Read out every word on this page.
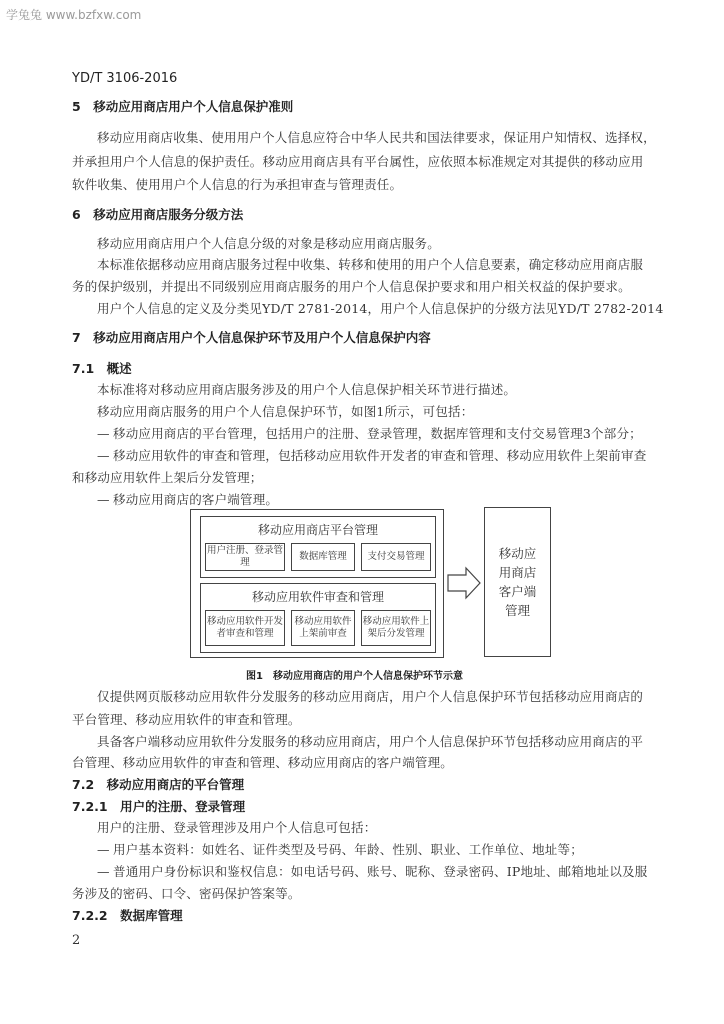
学兔兔 www.bzfxw.com
YD/T 3106-2016
5　移动应用商店用户个人信息保护准则
移动应用商店收集、使用用户个人信息应符合中华人民共和国法律要求，保证用户知情权、选择权，
并承担用户个人信息的保护责任。移动应用商店具有平台属性，应依照本标准规定对其提供的移动应用
软件收集、使用用户个人信息的行为承担审查与管理责任。
6　移动应用商店服务分级方法
移动应用商店用户个人信息分级的对象是移动应用商店服务。
本标准依据移动应用商店服务过程中收集、转移和使用的用户个人信息要素，确定移动应用商店服
务的保护级别，并提出不同级别应用商店服务的用户个人信息保护要求和用户相关权益的保护要求。
用户个人信息的定义及分类见YD/T 2781-2014，用户个人信息保护的分级方法见YD/T 2782-2014
7　移动应用商店用户个人信息保护环节及用户个人信息保护内容
7.1　概述
本标准将对移动应用商店服务涉及的用户个人信息保护相关环节进行描述。
移动应用商店服务的用户个人信息保护环节，如图1所示，可包括：
— 移动应用商店的平台管理，包括用户的注册、登录管理，数据库管理和支付交易管理3个部分；
— 移动应用软件的审查和管理，包括移动应用软件开发者的审查和管理、移动应用软件上架前审查
和移动应用软件上架后分发管理；
— 移动应用商店的客户端管理。
移动应用商店平台管理
用户注册、登录管理
数据库管理	支付交易管理
移动应用软件审查和管理
移动应用软件开发者审查和管理
移动应用软件上架前审查
移动应用软件上架后分发管理
移动应用商店客户端管理
图1　移动应用商店的用户个人信息保护环节示意
仅提供网页版移动应用软件分发服务的移动应用商店，用户个人信息保护环节包括移动应用商店的
平台管理、移动应用软件的审查和管理。
具备客户端移动应用软件分发服务的移动应用商店，用户个人信息保护环节包括移动应用商店的平
台管理、移动应用软件的审查和管理、移动应用商店的客户端管理。
7.2　移动应用商店的平台管理
7.2.1　用户的注册、登录管理
用户的注册、登录管理涉及用户个人信息可包括：
— 用户基本资料：如姓名、证件类型及号码、年龄、性别、职业、工作单位、地址等；
— 普通用户身份标识和鉴权信息：如电话号码、账号、昵称、登录密码、IP地址、邮箱地址以及服
务涉及的密码、口令、密码保护答案等。
7.2.2　数据库管理
2
